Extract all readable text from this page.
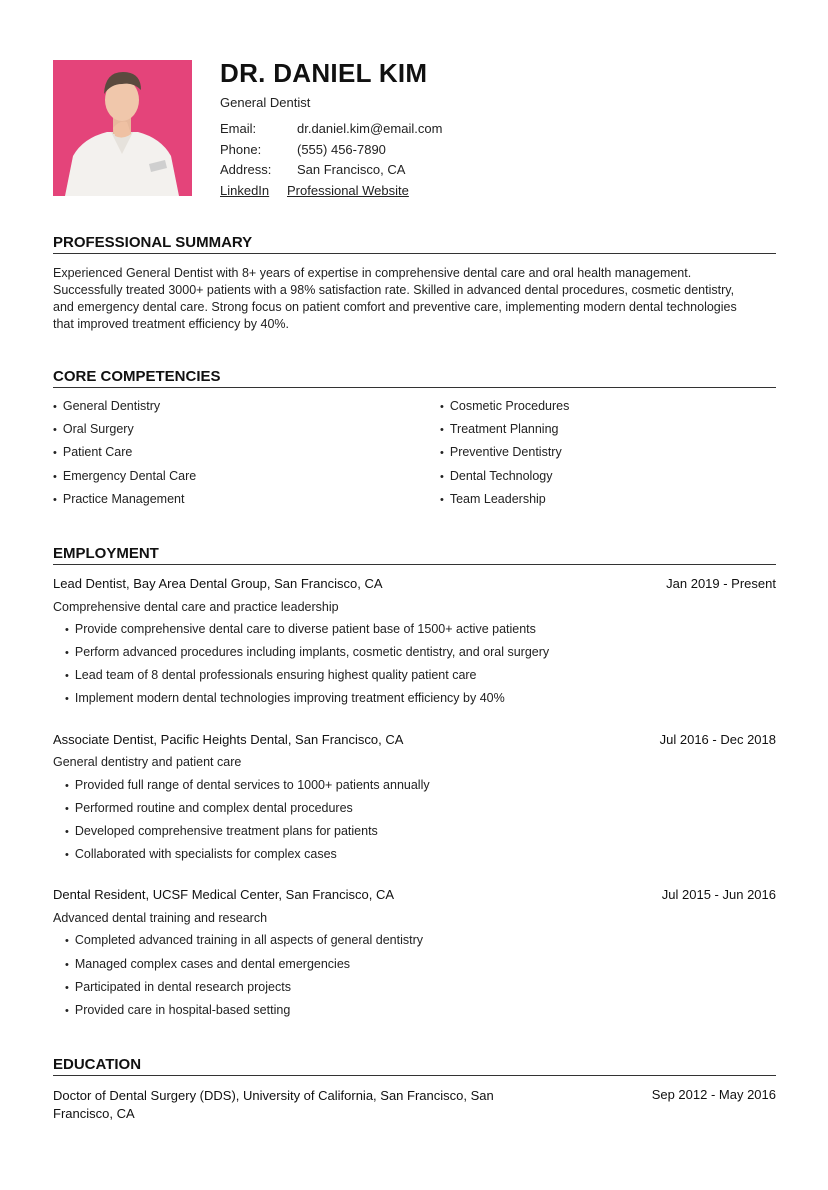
DR. DANIEL KIM
General Dentist
Email:	dr.daniel.kim@email.com
Phone:	(555) 456-7890
Address: San Francisco, CA
LinkedIn Professional Website
PROFESSIONAL SUMMARY
Experienced General Dentist with 8+ years of expertise in comprehensive dental care and oral health management.
Successfully treated 3000+ patients with a 98% satisfaction rate. Skilled in advanced dental procedures, cosmetic dentistry,
and emergency dental care. Strong focus on patient comfort and preventive care, implementing modern dental technologies
that improved treatment efficiency by 40%.
CORE COMPETENCIES
• General Dentistry
• Oral Surgery
• Patient Care
• Emergency Dental Care
• Practice Management
• Cosmetic Procedures
• Treatment Planning
• Preventive Dentistry
• Dental Technology
• Team Leadership
EMPLOYMENT
Lead Dentist, Bay Area Dental Group, San Francisco, CA	Jan 2019 - Present
Comprehensive dental care and practice leadership
• Provide comprehensive dental care to diverse patient base of 1500+ active patients
• Perform advanced procedures including implants, cosmetic dentistry, and oral surgery
• Lead team of 8 dental professionals ensuring highest quality patient care
• Implement modern dental technologies improving treatment efficiency by 40%
Associate Dentist, Pacific Heights Dental, San Francisco, CA	Jul 2016 - Dec 2018
General dentistry and patient care
• Provided full range of dental services to 1000+ patients annually
• Performed routine and complex dental procedures
• Developed comprehensive treatment plans for patients
• Collaborated with specialists for complex cases
Dental Resident, UCSF Medical Center, San Francisco, CA	Jul 2015 - Jun 2016
Advanced dental training and research
• Completed advanced training in all aspects of general dentistry
• Managed complex cases and dental emergencies
• Participated in dental research projects
• Provided care in hospital-based setting
EDUCATION
Doctor of Dental Surgery (DDS), University of California, San Francisco, San
Francisco, CA
Sep 2012 - May 2016
